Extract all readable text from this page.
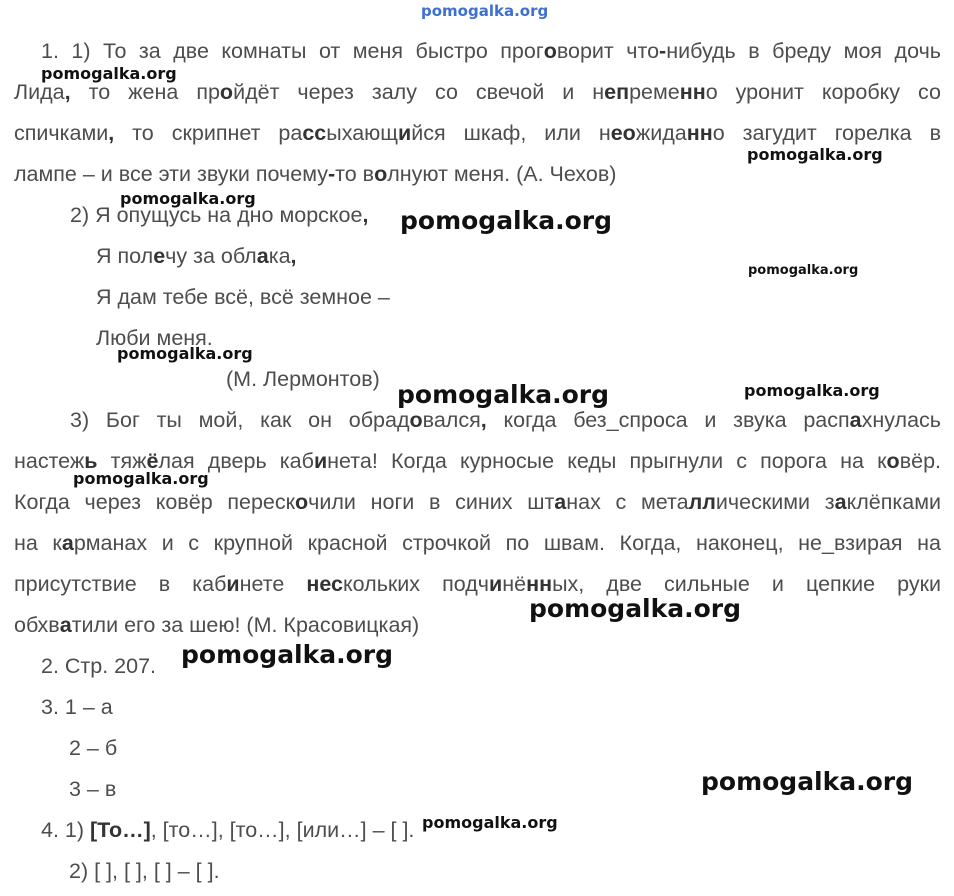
pomogalka.org
1. 1) То за две комнаты от меня быстро проговорит что-нибудь в бреду моя дочь
Лида, то жена пройдёт через залу со свечой и непременно уронит коробку со
спичками, то скрипнет рассыхающийся шкаф, или неожиданно загудит горелка в
лампе – и все эти звуки почему-то волнуют меня. (А. Чехов)
2) Я опущусь на дно морское,
Я полечу за облака,
Я дам тебе всё, всё земное –
Люби меня.
(М. Лермонтов)
3) Бог ты мой, как он обрадовался, когда без_спроса и звука распахнулась
настежь тяжёлая дверь кабинета! Когда курносые кеды прыгнули с порога на ковёр.
Когда через ковёр перескочили ноги в синих штанах с металлическими заклёпками
на карманах и с крупной красной строчкой по швам. Когда, наконец, не_взирая на
присутствие в кабинете нескольких подчинённых, две сильные и цепкие руки
обхватили его за шею! (М. Красовицкая)
2. Стр. 207.
3. 1 – а
2 – б
3 – в
4. 1) [То…], [то…], [то…], [или…] – [ ].
2) [ ], [ ], [ ] – [ ].
pomogalka.org
pomogalka.org
pomogalka.org
pomogalka.org
pomogalka.org
pomogalka.org
pomogalka.org	pomogalka.org
pomogalka.org
pomogalka.org
pomogalka.org
pomogalka.org
pomogalka.org
